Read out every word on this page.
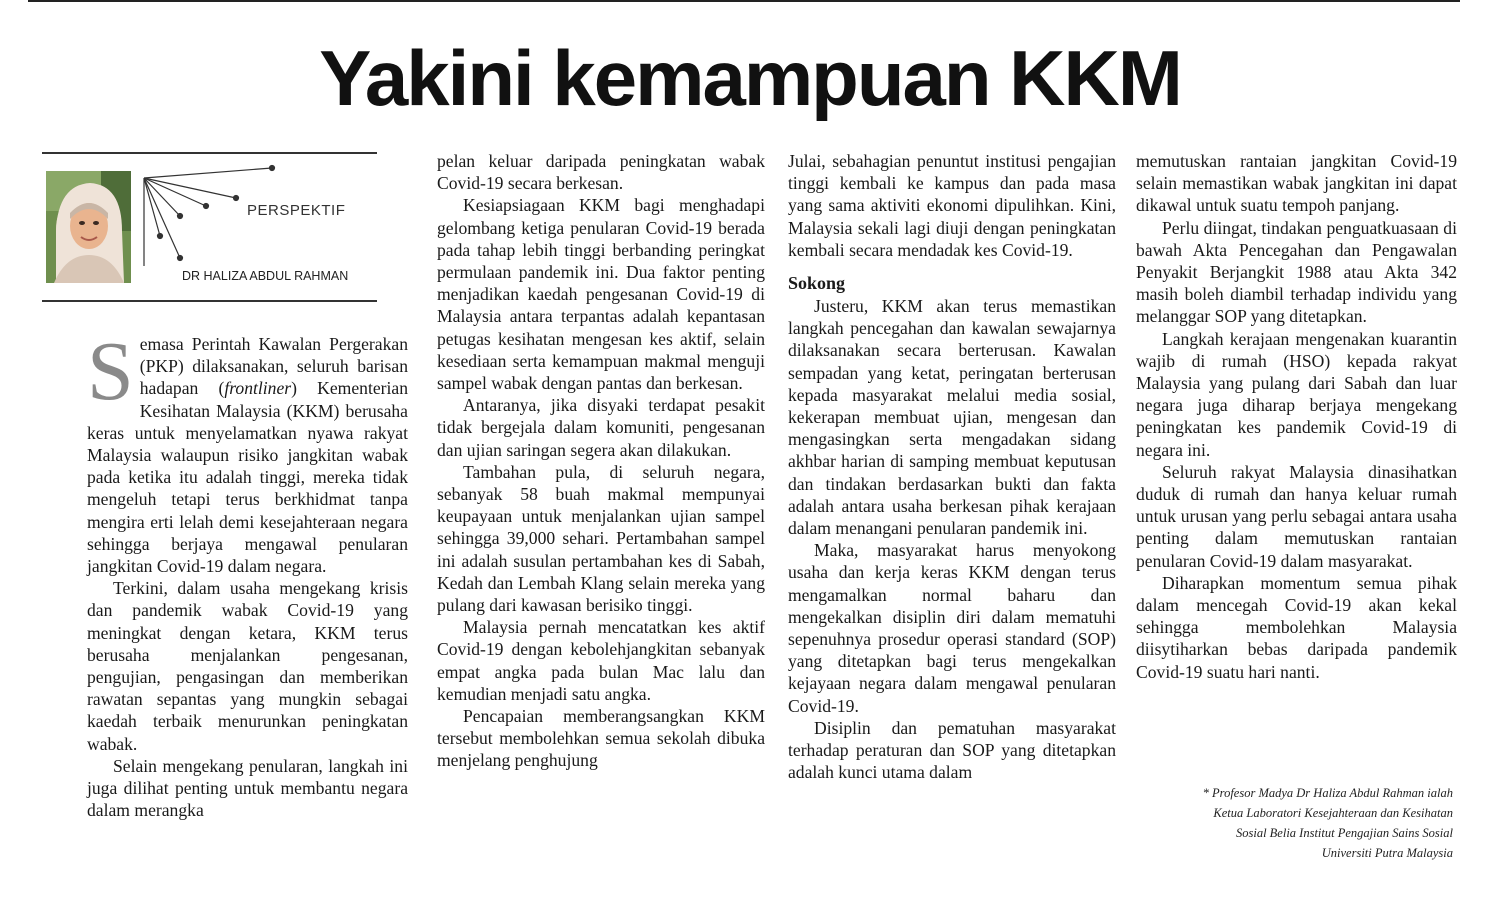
Yakini kemampuan KKM
PERSPEKTIF
DR HALIZA ABDUL RAHMAN

Semasa Perintah Kawalan Pergerakan (PKP) dilaksanakan, seluruh barisan hadapan (frontliner) Kementerian Kesihatan Malaysia (KKM) berusaha keras untuk menyelamatkan nyawa rakyat Malaysia walaupun risiko jangkitan wabak pada ketika itu adalah tinggi, mereka tidak mengeluh tetapi terus berkhidmat tanpa mengira erti lelah demi kesejahteraan negara sehingga berjaya mengawal penularan jangkitan Covid-19 dalam negara.

Terkini, dalam usaha mengekang krisis dan pandemik wabak Covid-19 yang meningkat dengan ketara, KKM terus berusaha menjalankan pengesanan, pengujian, pengasingan dan memberikan rawatan sepantas yang mungkin sebagai kaedah terbaik menurunkan peningkatan wabak.

Selain mengekang penularan, langkah ini juga dilihat penting untuk membantu negara dalam merangka

pelan keluar daripada peningkatan wabak Covid-19 secara berkesan.

Kesiapsiagaan KKM bagi menghadapi gelombang ketiga penularan Covid-19 berada pada tahap lebih tinggi berbanding peringkat permulaan pandemik ini. Dua faktor penting menjadikan kaedah pengesanan Covid-19 di Malaysia antara terpantas adalah kepantasan petugas kesihatan mengesan kes aktif, selain kesediaan serta kemampuan makmal menguji sampel wabak dengan pantas dan berkesan.

Antaranya, jika disyaki terdapat pesakit tidak bergejala dalam komuniti, pengesanan dan ujian saringan segera akan dilakukan.

Tambahan pula, di seluruh negara, sebanyak 58 buah makmal mempunyai keupayaan untuk menjalankan ujian sampel sehingga 39,000 sehari. Pertambahan sampel ini adalah susulan pertambahan kes di Sabah, Kedah dan Lembah Klang selain mereka yang pulang dari kawasan berisiko tinggi.

Malaysia pernah mencatatkan kes aktif Covid-19 dengan kebolehjangkitan sebanyak empat angka pada bulan Mac lalu dan kemudian menjadi satu angka.

Pencapaian memberangsangkan KKM tersebut membolehkan semua sekolah dibuka menjelang penghujung

Julai, sebahagian penuntut institusi pengajian tinggi kembali ke kampus dan pada masa yang sama aktiviti ekonomi dipulihkan. Kini, Malaysia sekali lagi diuji dengan peningkatan kembali secara mendadak kes Covid-19.

Sokong

Justeru, KKM akan terus memastikan langkah pencegahan dan kawalan sewajarnya dilaksanakan secara berterusan. Kawalan sempadan yang ketat, peringatan berterusan kepada masyarakat melalui media sosial, kekerapan membuat ujian, mengesan dan mengasingkan serta mengadakan sidang akhbar harian di samping membuat keputusan dan tindakan berdasarkan bukti dan fakta adalah antara usaha berkesan pihak kerajaan dalam menangani penularan pandemik ini.

Maka, masyarakat harus menyokong usaha dan kerja keras KKM dengan terus mengamalkan normal baharu dan mengekalkan disiplin diri dalam mematuhi sepenuhnya prosedur operasi standard (SOP) yang ditetapkan bagi terus mengekalkan kejayaan negara dalam mengawal penularan Covid-19.

Disiplin dan pematuhan masyarakat terhadap peraturan dan SOP yang ditetapkan adalah kunci utama dalam

memutuskan rantaian jangkitan Covid-19 selain memastikan wabak jangkitan ini dapat dikawal untuk suatu tempoh panjang.

Perlu diingat, tindakan penguatkuasaan di bawah Akta Pencegahan dan Pengawalan Penyakit Berjangkit 1988 atau Akta 342 masih boleh diambil terhadap individu yang melanggar SOP yang ditetapkan.

Langkah kerajaan mengenakan kuarantin wajib di rumah (HSO) kepada rakyat Malaysia yang pulang dari Sabah dan luar negara juga diharap berjaya mengekang peningkatan kes pandemik Covid-19 di negara ini.

Seluruh rakyat Malaysia dinasihatkan duduk di rumah dan hanya keluar rumah untuk urusan yang perlu sebagai antara usaha penting dalam memutuskan rantaian penularan Covid-19 dalam masyarakat.

Diharapkan momentum semua pihak dalam mencegah Covid-19 akan kekal sehingga membolehkan Malaysia diisytiharkan bebas daripada pandemik Covid-19 suatu hari nanti.

* Profesor Madya Dr Haliza Abdul Rahman ialah
Ketua Laboratori Kesejahteraan dan Kesihatan
Sosial Belia Institut Pengajian Sains Sosial
Universiti Putra Malaysia
